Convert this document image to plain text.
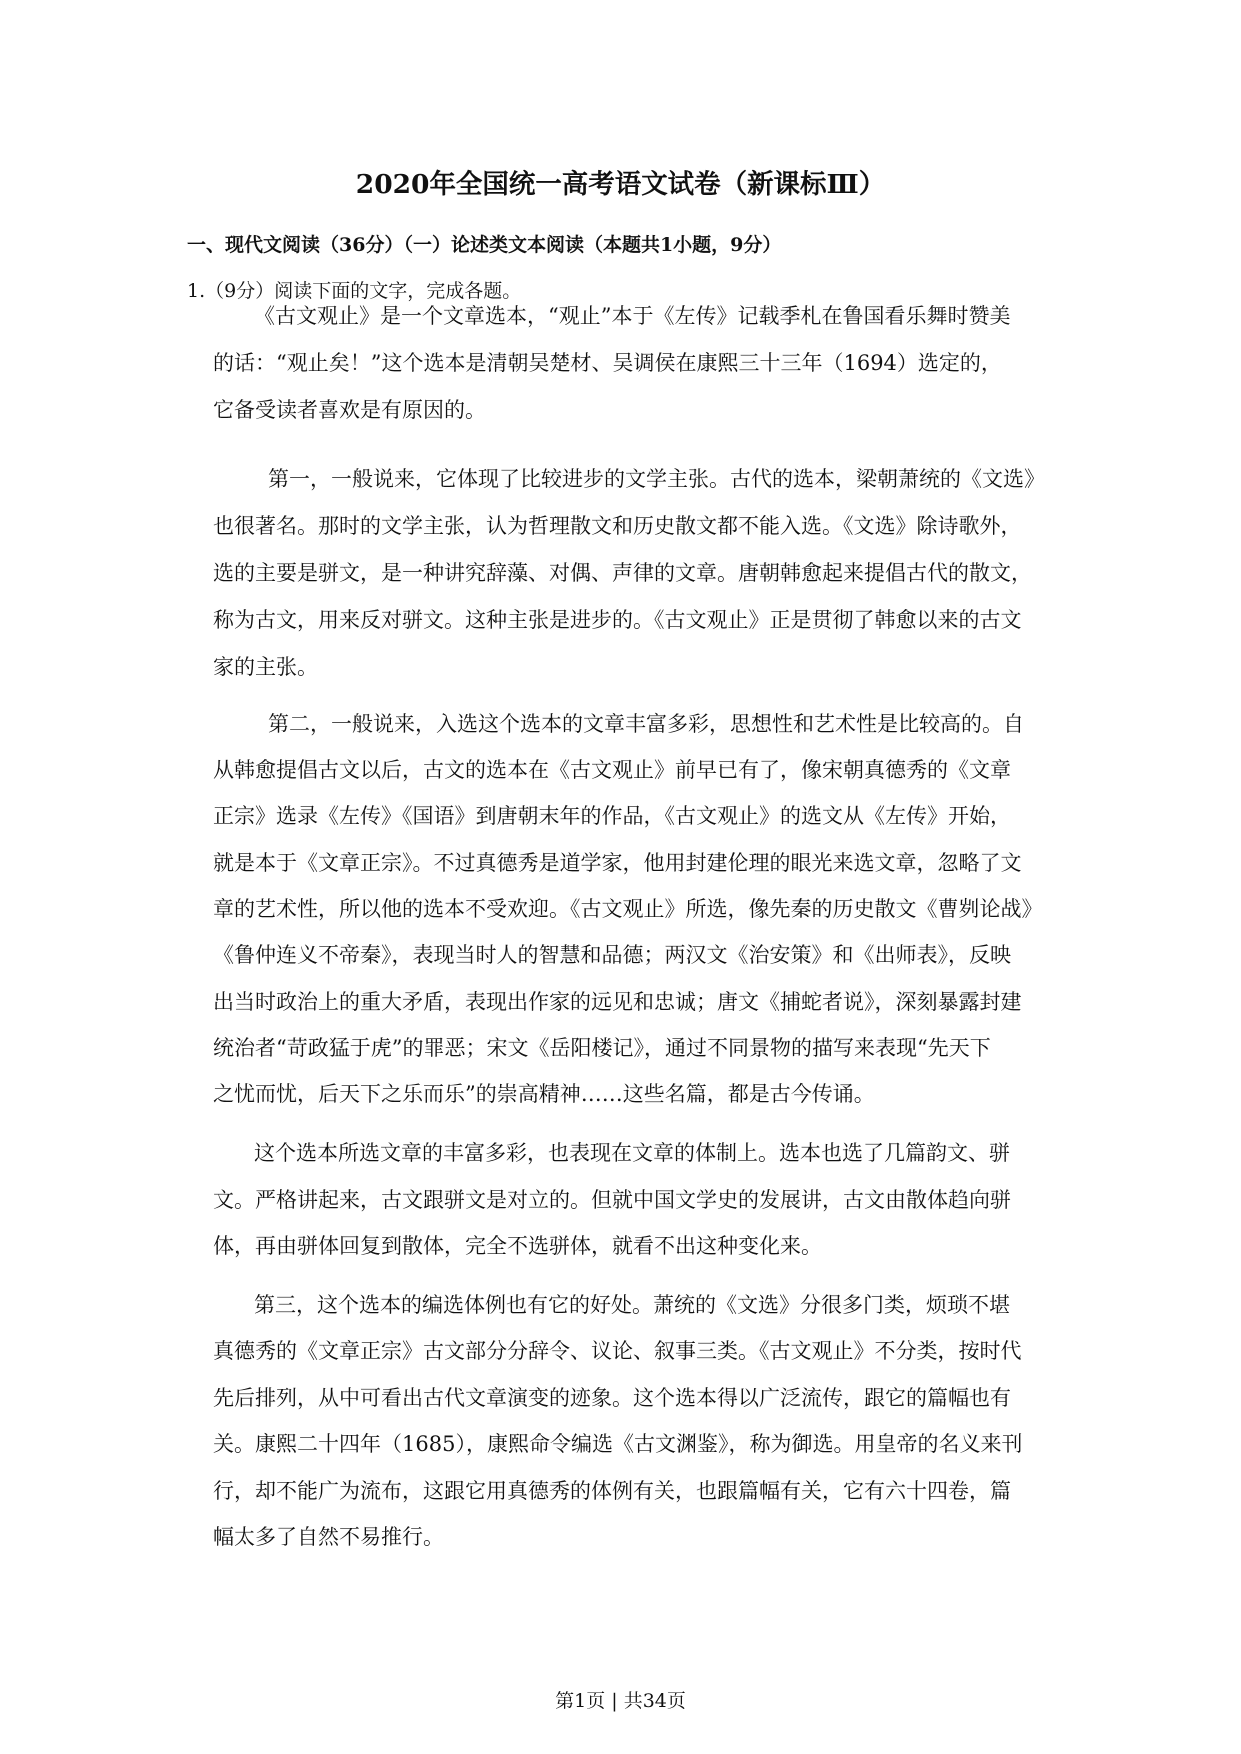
2020年全国统一高考语文试卷（新课标Ⅲ）
一、现代文阅读（36分）（一）论述类文本阅读（本题共1小题，9分）
1.（9分）阅读下面的文字，完成各题。
《古文观止》是一个文章选本，“观止”本于《左传》记载季札在鲁国看乐舞时赞美
的话：“观止矣！”这个选本是清朝吴楚材、吴调侯在康熙三十三年（1694）选定的，
它备受读者喜欢是有原因的。
第一，一般说来，它体现了比较进步的文学主张。古代的选本，梁朝萧统的《文选》
也很著名。那时的文学主张，认为哲理散文和历史散文都不能入选。《文选》除诗歌外，
选的主要是骈文，是一种讲究辞藻、对偶、声律的文章。唐朝韩愈起来提倡古代的散文，
称为古文，用来反对骈文。这种主张是进步的。《古文观止》正是贯彻了韩愈以来的古文
家的主张。
第二，一般说来，入选这个选本的文章丰富多彩，思想性和艺术性是比较高的。自
从韩愈提倡古文以后，古文的选本在《古文观止》前早已有了，像宋朝真德秀的《文章
正宗》选录《左传》《国语》到唐朝末年的作品，《古文观止》的选文从《左传》开始，
就是本于《文章正宗》。不过真德秀是道学家，他用封建伦理的眼光来选文章，忽略了文
章的艺术性，所以他的选本不受欢迎。《古文观止》所选，像先秦的历史散文《曹刿论战》
《鲁仲连义不帝秦》，表现当时人的智慧和品德；两汉文《治安策》和《出师表》，反映
出当时政治上的重大矛盾，表现出作家的远见和忠诚；唐文《捕蛇者说》，深刻暴露封建
统治者“苛政猛于虎”的罪恶；宋文《岳阳楼记》，通过不同景物的描写来表现“先天下
之忧而忧，后天下之乐而乐”的崇高精神……这些名篇，都是古今传诵。
这个选本所选文章的丰富多彩，也表现在文章的体制上。选本也选了几篇韵文、骈
文。严格讲起来，古文跟骈文是对立的。但就中国文学史的发展讲，古文由散体趋向骈
体，再由骈体回复到散体，完全不选骈体，就看不出这种变化来。
第三，这个选本的编选体例也有它的好处。萧统的《文选》分很多门类，烦琐不堪
真德秀的《文章正宗》古文部分分辞令、议论、叙事三类。《古文观止》不分类，按时代
先后排列，从中可看出古代文章演变的迹象。这个选本得以广泛流传，跟它的篇幅也有
关。康熙二十四年（1685），康熙命令编选《古文渊鉴》，称为御选。用皇帝的名义来刊
行，却不能广为流布，这跟它用真德秀的体例有关，也跟篇幅有关，它有六十四卷，篇
幅太多了自然不易推行。
第1页 | 共34页
